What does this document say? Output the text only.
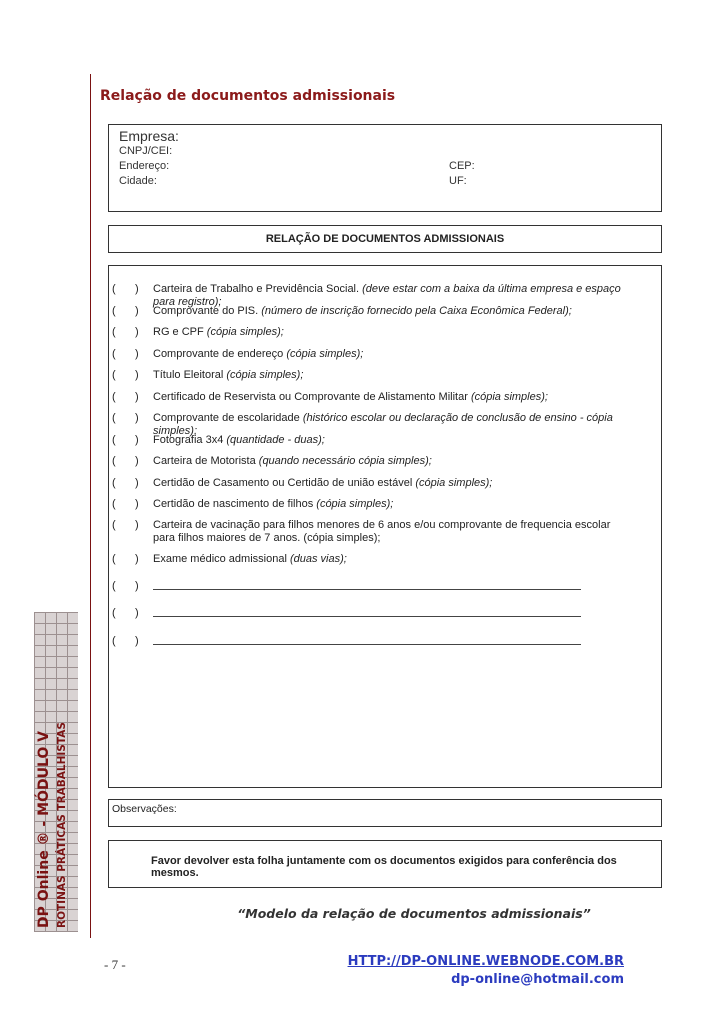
DP Online ® - MÓDULO V ROTINAS PRÁTICAS TRABALHISTAS
Relação de documentos admissionais
Empresa:
CNPJ/CEI:
Endereço:
Cidade:
CEP:
UF:
RELAÇÃO DE DOCUMENTOS ADMISSIONAIS
( ) Carteira de Trabalho e Previdência Social. (deve estar com a baixa da última empresa e espaço para registro);
( ) Comprovante do PIS. (número de inscrição fornecido pela Caixa Econômica Federal);
( ) RG e CPF (cópia simples);
( ) Comprovante de endereço (cópia simples);
( ) Título Eleitoral (cópia simples);
( ) Certificado de Reservista ou Comprovante de Alistamento Militar (cópia simples);
( ) Comprovante de escolaridade (histórico escolar ou declaração de conclusão de ensino - cópia simples);
( ) Fotografia 3x4 (quantidade - duas);
( ) Carteira de Motorista (quando necessário cópia simples);
( ) Certidão de Casamento ou Certidão de união estável (cópia simples);
( ) Certidão de nascimento de filhos (cópia simples);
( ) Carteira de vacinação para filhos menores de 6 anos e/ou comprovante de frequencia escolar para filhos maiores de 7 anos. (cópia simples);
( ) Exame médico admissional (duas vias);
( )
( )
( )
Observações:
Favor devolver esta folha juntamente com os documentos exigidos para conferência dos mesmos.
“Modelo da relação de documentos admissionais”
- 7 -	HTTP://DP-ONLINE.WEBNODE.COM.BR
dp-online@hotmail.com
